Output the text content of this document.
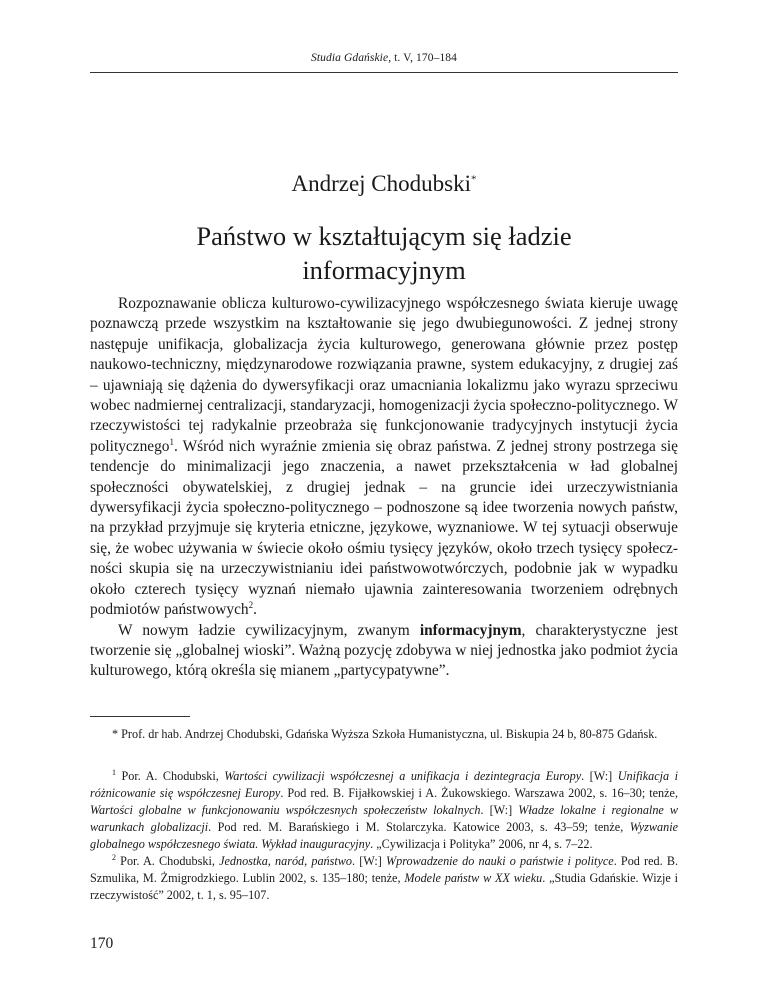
Studia Gdańskie, t. V, 170–184
Andrzej Chodubski*
Państwo w kształtującym się ładzie
informacyjnym

Rozpoznawanie oblicza kulturowo-cywilizacyjnego współczesnego świata kieruje uwagę poznawczą przede wszystkim na kształtowanie się jego dwubiegunowości. Z jednej strony następuje unifikacja, globalizacja życia kulturowego, generowana głównie przez postęp naukowo-techniczny, międzynarodowe rozwiązania prawne, system edukacyjny, z drugiej zaś – ujawniają się dążenia do dywersyfikacji oraz umacniania lokalizmu jako wyrazu sprzeciwu wobec nadmiernej centralizacji, standaryzacji, homogenizacji życia społeczno-politycznego. W rzeczywistości tej radykalnie przeobraża się funkcjonowanie tradycyjnych instytucji życia politycznego$^1$. Wśród nich wyraźnie zmienia się obraz państwa. Z jednej strony postrzega się tendencje do minimalizacji jego znaczenia, a nawet przekształcenia w ład globalnej społeczności obywatelskiej, z drugiej jednak – na gruncie idei urzeczywistniania dywersyfikacji życia społeczno-politycznego – podnoszone są idee tworzenia nowych państw, na przykład przyjmuje się kryteria etniczne, językowe, wyznaniowe. W tej sytuacji obserwuje się, że wobec używania w świecie około ośmiu tysięcy języków, około trzech tysięcy społeczności skupia się na urzeczywistnianiu idei państwowotwórczych, podobnie jak w wypadku około czterech tysięcy wyznań niemało ujawnia zainteresowania tworzeniem odrębnych podmiotów państwowych$^2$.

W nowym ładzie cywilizacyjnym, zwanym informacyjnym, charakterystyczne jest tworzenie się „globalnej wioski”. Ważną pozycję zdobywa w niej jednostka jako podmiot życia kulturowego, którą określa się mianem „partycypatywne”.

* Prof. dr hab. Andrzej Chodubski, Gdańska Wyższa Szkoła Humanistyczna, ul. Biskupia 24 b, 80-875 Gdańsk.

$^1$ Por. A. Chodubski, Wartości cywilizacji współczesnej a unifikacja i dezintegracja Europy. [W:] Unifikacja i różnicowanie się współczesnej Europy. Pod red. B. Fijałkowskiej i A. Żukowskiego. Warszawa 2002, s. 16–30; tenże, Wartości globalne w funkcjonowaniu współczesnych społeczeństw lokalnych. [W:] Władze lokalne i regionalne w warunkach globalizacji. Pod red. M. Barańskiego i M. Stolarczyka. Katowice 2003, s. 43–59; tenże, Wyzwanie globalnego współczesnego świata. Wykład inauguracyjny. „Cywilizacja i Polityka” 2006, nr 4, s. 7–22.

$^2$ Por. A. Chodubski, Jednostka, naród, państwo. [W:] Wprowadzenie do nauki o państwie i polityce. Pod red. B. Szmulika, M. Żmigrodzkiego. Lublin 2002, s. 135–180; tenże, Modele państw w XX wieku. „Studia Gdańskie. Wizje i rzeczywistość” 2002, t. 1, s. 95–107.

170
